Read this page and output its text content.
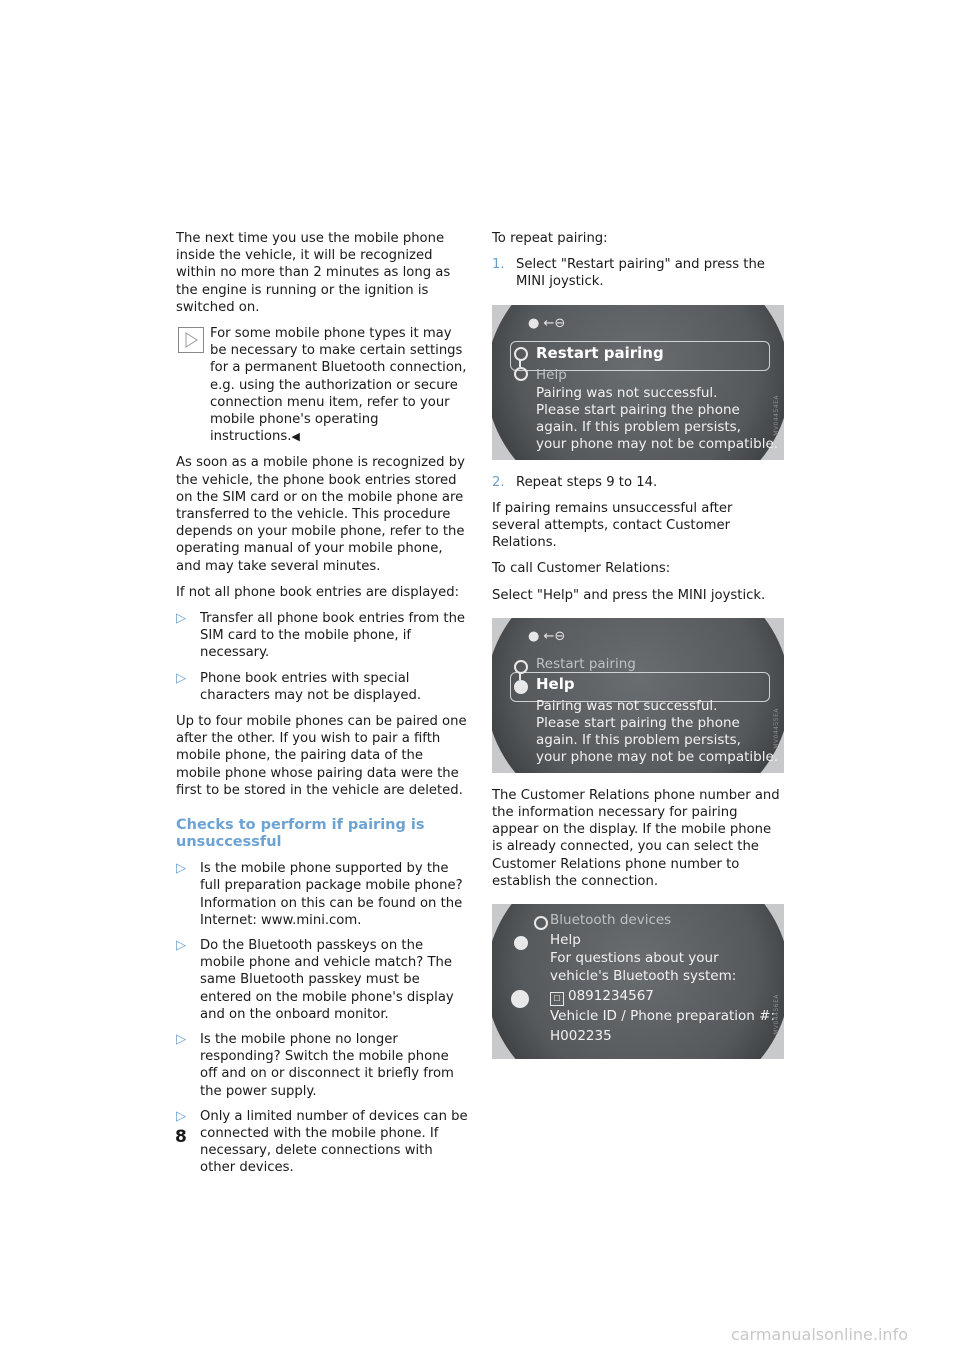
The next time you use the mobile phone inside the vehicle, it will be recognized within no more than 2 minutes as long as the engine is running or the ignition is switched on.

For some mobile phone types it may be necessary to make certain settings for a permanent Bluetooth connection, e.g. using the authorization or secure connection menu item, refer to your mobile phone's operating instructions.◀

As soon as a mobile phone is recognized by the vehicle, the phone book entries stored on the SIM card or on the mobile phone are transferred to the vehicle. This procedure depends on your mobile phone, refer to the operating manual of your mobile phone, and may take several minutes.

If not all phone book entries are displayed:

▷ Transfer all phone book entries from the SIM card to the mobile phone, if necessary.
▷ Phone book entries with special characters may not be displayed.

Up to four mobile phones can be paired one after the other. If you wish to pair a fifth mobile phone, the pairing data of the mobile phone whose pairing data were the first to be stored in the vehicle are deleted.

Checks to perform if pairing is unsuccessful
▷ Is the mobile phone supported by the full preparation package mobile phone? Information on this can be found on the Internet: www.mini.com.
▷ Do the Bluetooth passkeys on the mobile phone and vehicle match? The same Bluetooth passkey must be entered on the mobile phone's display and on the onboard monitor.
▷ Is the mobile phone no longer responding? Switch the mobile phone off and on or disconnect it briefly from the power supply.
▷ Only a limited number of devices can be connected with the mobile phone. If necessary, delete connections with other devices.

To repeat pairing:

1. Select "Restart pairing" and press the MINI joystick.
● ←⊖
Restart pairing
Help
Pairing was not successful.
Please start pairing the phone
again. If this problem persists,
your phone may not be compatible.
MV04454EA
2. Repeat steps 9 to 14.

If pairing remains unsuccessful after several attempts, contact Customer Relations.

To call Customer Relations:

Select "Help" and press the MINI joystick.

● ←⊖
Restart pairing
Help
Pairing was not successful.
Please start pairing the phone
again. If this problem persists,
your phone may not be compatible.
MV04455EA

The Customer Relations phone number and the information necessary for pairing appear on the display. If the mobile phone is already connected, you can select the Customer Relations phone number to establish the connection.

Bluetooth devices
Help
For questions about your
vehicle's Bluetooth system:
☐ 0891234567
Vehicle ID / Phone preparation #:
H002235
MV04456EA
8
carmanualsonline.info
